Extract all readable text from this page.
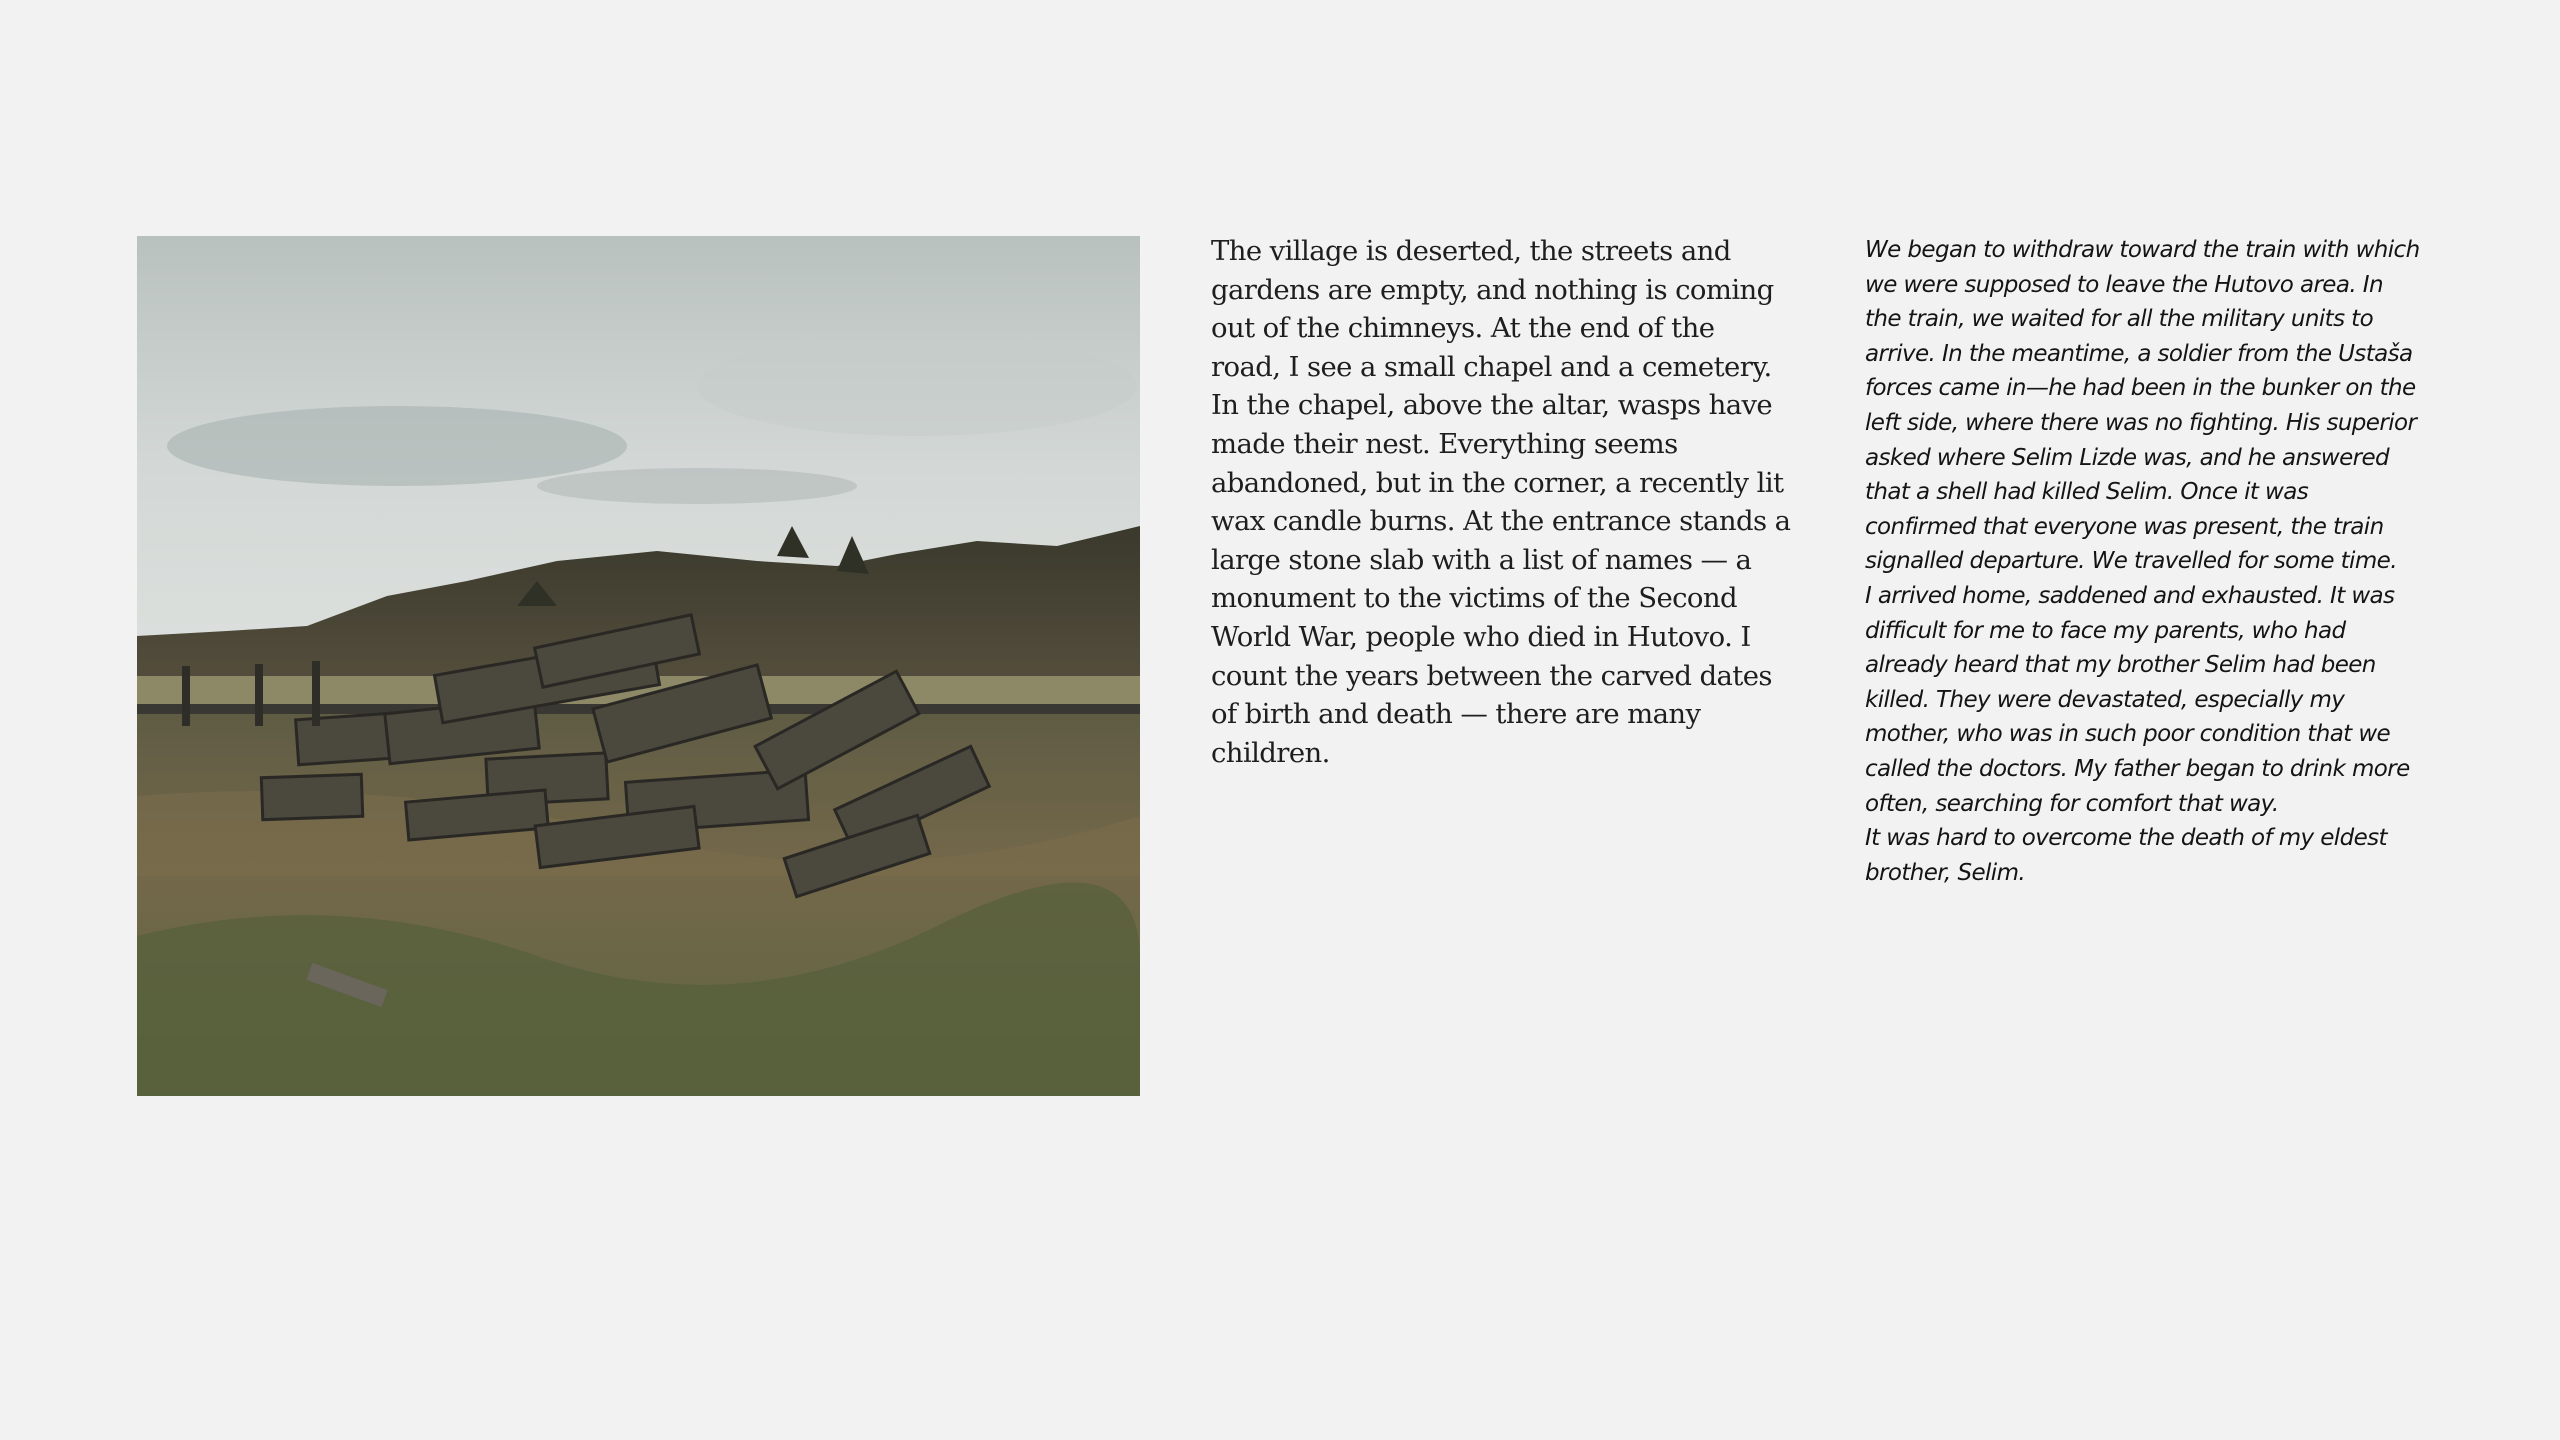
The village is deserted, the streets and gardens are empty, and nothing is coming out of the chimneys. At the end of the road, I see a small chapel and a cemetery. In the chapel, above the altar, wasps have made their nest. Everything seems abandoned, but in the corner, a recently lit wax candle burns. At the entrance stands a large stone slab with a list of names — a monument to the victims of the Second World War, people who died in Hutovo. I count the years between the carved dates of birth and death — there are many children.

We began to withdraw toward the train with which we were supposed to leave the Hutovo area. In the train, we waited for all the military units to arrive. In the meantime, a soldier from the Ustaša forces came in—he had been in the bunker on the left side, where there was no fighting. His superior asked where Selim Lizde was, and he answered that a shell had killed Selim. Once it was confirmed that everyone was present, the train signalled departure. We travelled for some time.

I arrived home, saddened and exhausted. It was difficult for me to face my parents, who had already heard that my brother Selim had been killed. They were devastated, especially my mother, who was in such poor condition that we called the doctors. My father began to drink more often, searching for comfort that way.

It was hard to overcome the death of my eldest brother, Selim.
